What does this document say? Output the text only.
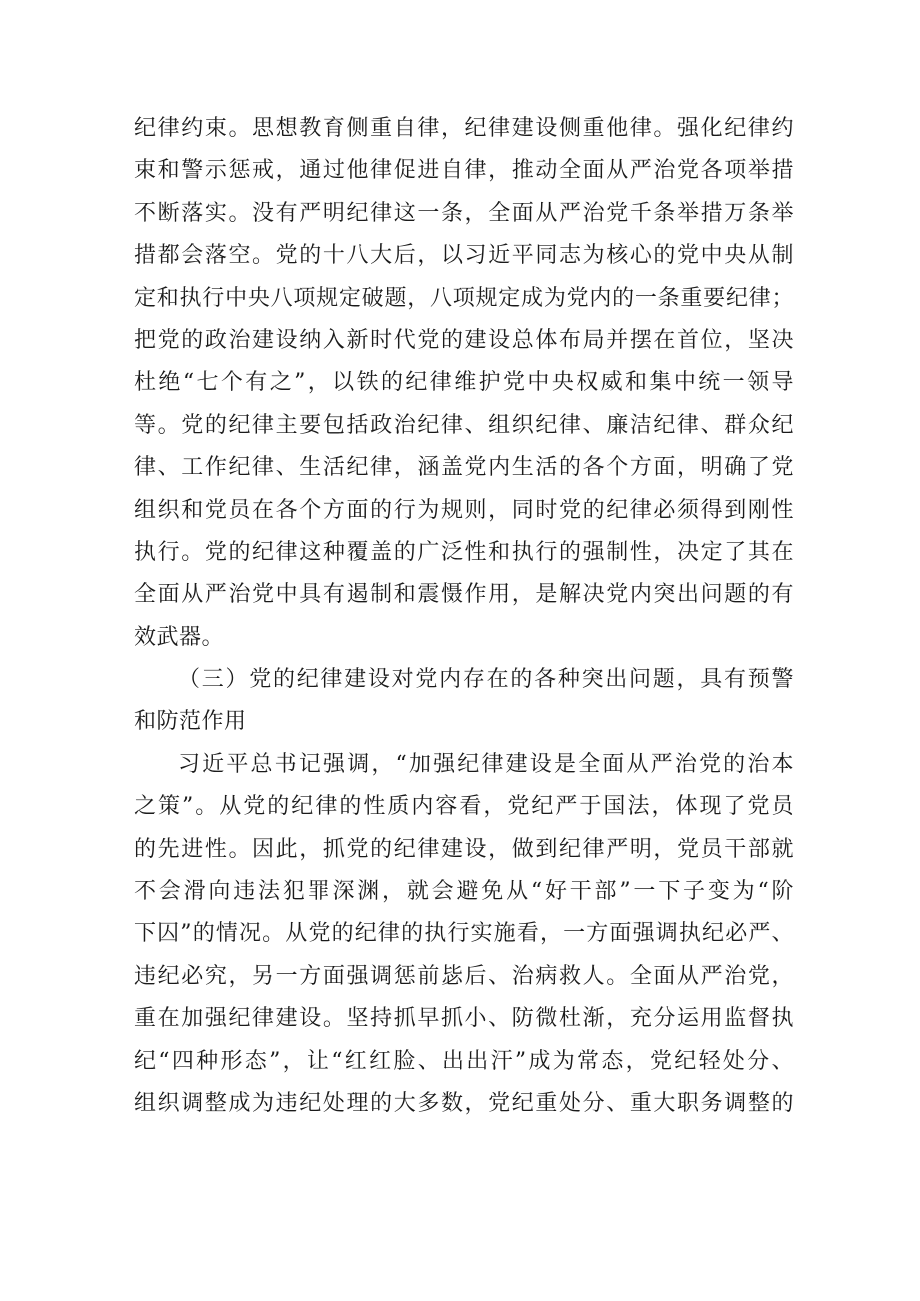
纪律约束。思想教育侧重自律，纪律建设侧重他律。强化纪律约
束和警示惩戒，通过他律促进自律，推动全面从严治党各项举措
不断落实。没有严明纪律这一条，全面从严治党千条举措万条举
措都会落空。党的十八大后，以习近平同志为核心的党中央从制
定和执行中央八项规定破题，八项规定成为党内的一条重要纪律；
把党的政治建设纳入新时代党的建设总体布局并摆在首位，坚决
杜绝“七个有之”，以铁的纪律维护党中央权威和集中统一领导
等。党的纪律主要包括政治纪律、组织纪律、廉洁纪律、群众纪
律、工作纪律、生活纪律，涵盖党内生活的各个方面，明确了党
组织和党员在各个方面的行为规则，同时党的纪律必须得到刚性
执行。党的纪律这种覆盖的广泛性和执行的强制性，决定了其在
全面从严治党中具有遏制和震慑作用，是解决党内突出问题的有
效武器。
（三）党的纪律建设对党内存在的各种突出问题，具有预警
和防范作用
习近平总书记强调，“加强纪律建设是全面从严治党的治本
之策”。从党的纪律的性质内容看，党纪严于国法，体现了党员
的先进性。因此，抓党的纪律建设，做到纪律严明，党员干部就
不会滑向违法犯罪深渊，就会避免从“好干部”一下子变为“阶
下囚”的情况。从党的纪律的执行实施看，一方面强调执纪必严、
违纪必究，另一方面强调惩前毖后、治病救人。全面从严治党，
重在加强纪律建设。坚持抓早抓小、防微杜渐，充分运用监督执
纪“四种形态”，让“红红脸、出出汗”成为常态，党纪轻处分、
组织调整成为违纪处理的大多数，党纪重处分、重大职务调整的
